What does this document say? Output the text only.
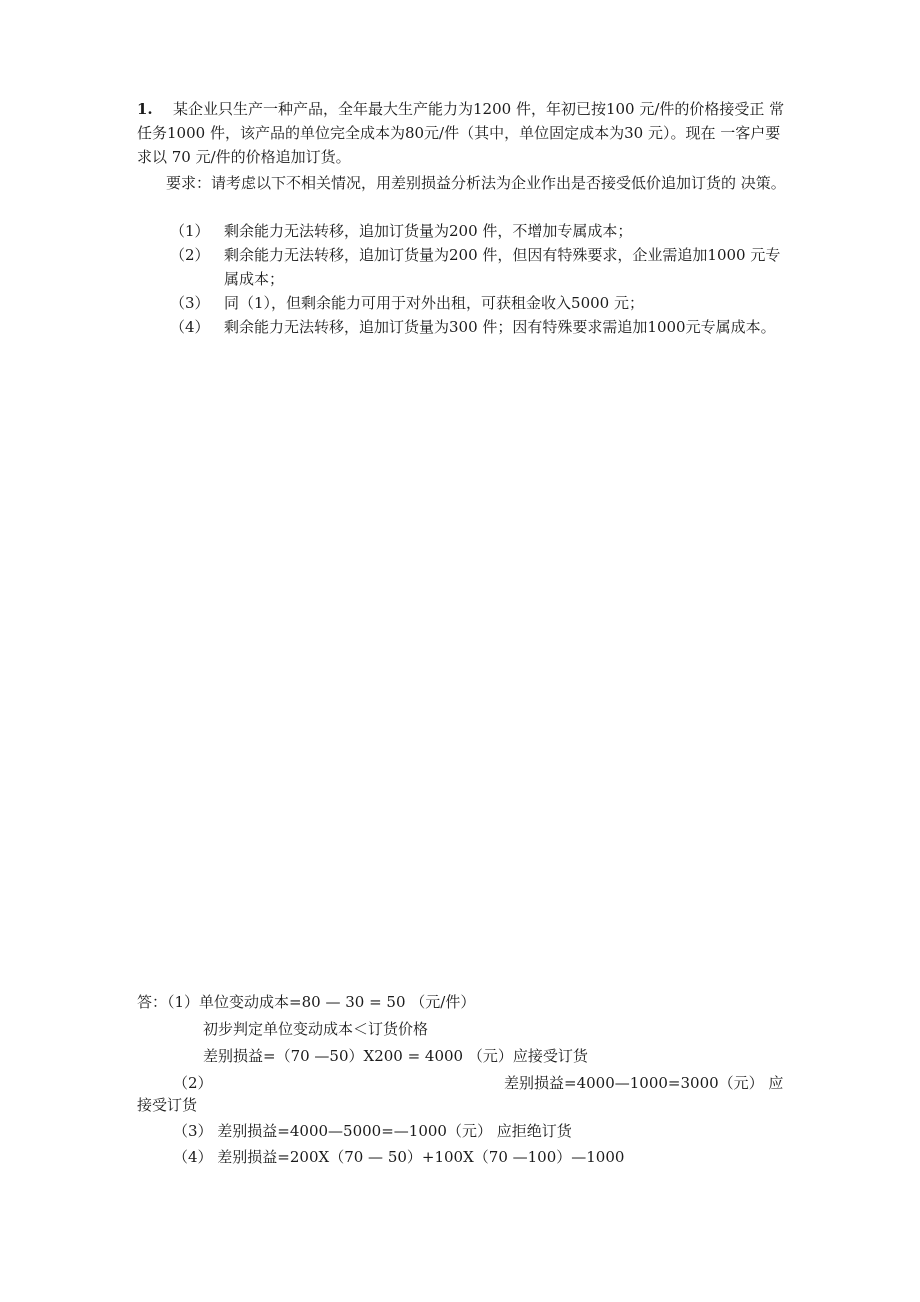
1.	某企业只生产一种产品，全年最大生产能力为1200 件，年初已按100 元/件的价格接受正 常任务1000 件，该产品的单位完全成本为80元/件（其中，单位固定成本为30 元）。现在 一客户要求以 70 元/件的价格追加订货。
要求：请考虑以下不相关情况，用差别损益分析法为企业作出是否接受低价追加订货的 决策。
（1） 剩余能力无法转移，追加订货量为200 件，不增加专属成本；
（2） 剩余能力无法转移，追加订货量为200 件，但因有特殊要求，企业需追加1000 元专属成本；
（3） 同（1），但剩余能力可用于对外出租，可获租金收入5000 元；
（4） 剩余能力无法转移，追加订货量为300 件；因有特殊要求需追加1000元专属成本。
答：（1）单位变动成本=80 — 30 = 50 （元/件）
初步判定单位变动成本＜订货价格
差别损益=（70 —50）X200 = 4000 （元）应接受订货
（2）	差别损益=4000—1000=3000（元） 应
接受订货
（3） 差别损益=4000—5000=—1000（元） 应拒绝订货
（4） 差别损益=200X（70 — 50）+100X（70 —100）—1000
